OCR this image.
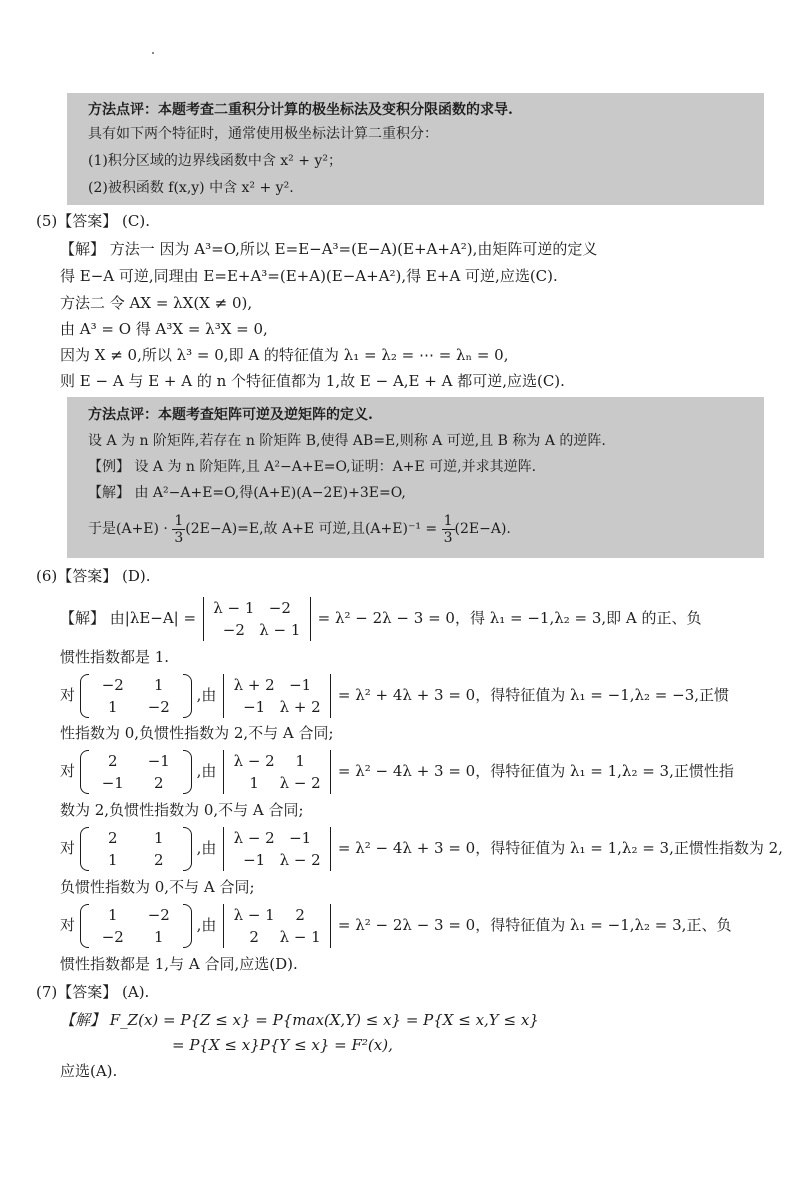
方法点评：本题考查二重积分计算的极坐标法及变积分限函数的求导.
具有如下两个特征时，通常使用极坐标法计算二重积分：
(1)积分区域的边界线函数中含 x² + y²；
(2)被积函数 f(x,y) 中含 x² + y².
(5)【答案】 (C).
【解】 方法一 因为 A³=O,所以 E=E−A³=(E−A)(E+A+A²),由矩阵可逆的定义
得 E−A 可逆,同理由 E=E+A³=(E+A)(E−A+A²),得 E+A 可逆,应选(C).
方法二 令 AX = λX(X ≠ 0),
由 A³ = O 得 A³X = λ³X = 0,
因为 X ≠ 0,所以 λ³ = 0,即 A 的特征值为 λ₁ = λ₂ = ⋯ = λₙ = 0,
则 E − A 与 E + A 的 n 个特征值都为 1,故 E − A,E + A 都可逆,应选(C).
方法点评：本题考查矩阵可逆及逆矩阵的定义.
设 A 为 n 阶矩阵,若存在 n 阶矩阵 B,使得 AB=E,则称 A 可逆,且 B 称为 A 的逆阵.
【例】 设 A 为 n 阶矩阵,且 A²−A+E=O,证明：A+E 可逆,并求其逆阵.
【解】 由 A²−A+E=O,得(A+E)(A−2E)+3E=O,
于是$(A+E) \cdot \frac{1}{3} (2E-A)=E$,故 A+E 可逆,且$(A+E)^{-1} = \frac{1}{3} (2E-A)$.
(6)【答案】 (D).
【解】 由|λE−A| =
λ − 1 −2
−2 λ − 1
= λ² − 2λ − 3 = 0，得 λ₁ = −1,λ₂ = 3,即 A 的正、负
惯性指数都是 1.
对
−2 1
1 −2
,由
λ + 2 −1
−1 λ + 2
= λ² + 4λ + 3 = 0，得特征值为 λ₁ = −1,λ₂ = −3,正惯
性指数为 0,负惯性指数为 2,不与 A 合同;
对
2 −1
−1 2
,由
λ − 2 1
1 λ − 2
= λ² − 4λ + 3 = 0，得特征值为 λ₁ = 1,λ₂ = 3,正惯性指
数为 2,负惯性指数为 0,不与 A 合同;
对
2 1
1 2
,由
λ − 2 −1
−1 λ − 2
= λ² − 4λ + 3 = 0，得特征值为 λ₁ = 1,λ₂ = 3,正惯性指数为 2,
负惯性指数为 0,不与 A 合同;
对
1 −2
−2 1
,由
λ − 1 2
2 λ − 1
= λ² − 2λ − 3 = 0，得特征值为 λ₁ = −1,λ₂ = 3,正、负
惯性指数都是 1,与 A 合同,应选(D).
(7)【答案】 (A).
【解】 F_Z(x) = P{Z ≤ x} = P{max(X,Y) ≤ x} = P{X ≤ x,Y ≤ x}
= P{X ≤ x}P{Y ≤ x} = F²(x),
应选(A).
